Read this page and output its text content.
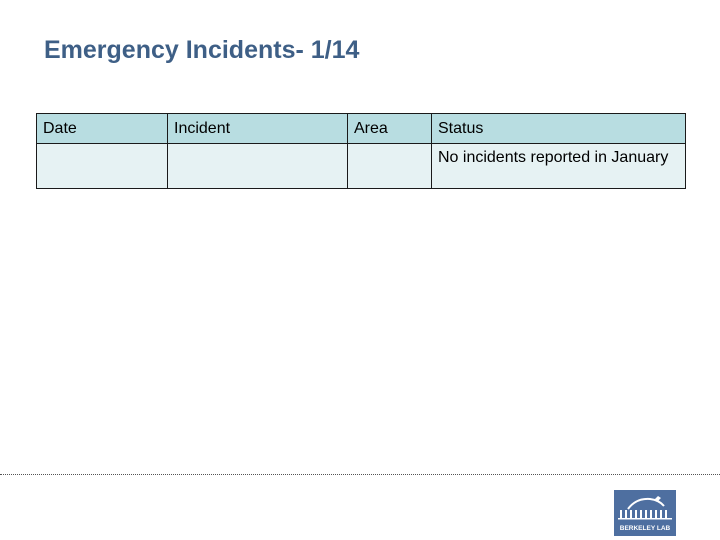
Emergency Incidents- 1/14
Date	Incident	Area	Status
			No incidents reported in January
BERKELEY LAB
